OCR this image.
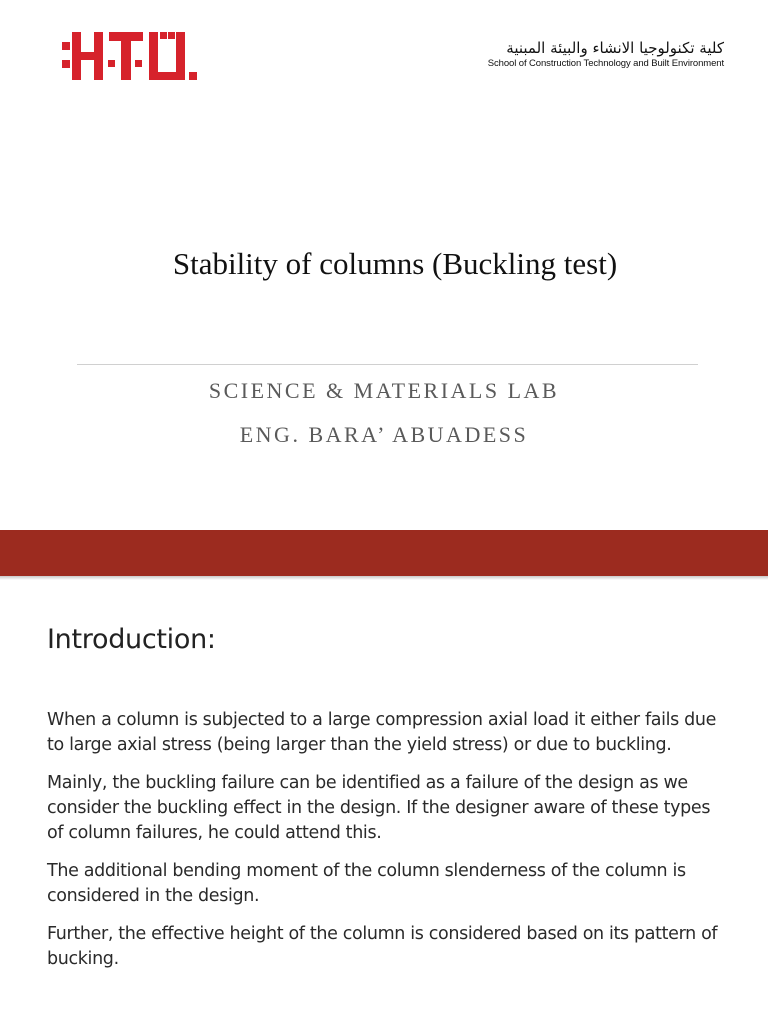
كلية تكنولوجيا الانشاء والبيئة المبنية
School of Construction Technology and Built Environment
Stability of columns (Buckling test)
SCIENCE & MATERIALS LAB
ENG. BARA’ ABUADESS
Introduction:

When a column is subjected to a large compression axial load it either fails due to large axial stress (being larger than the yield stress) or due to buckling.

Mainly, the buckling failure can be identified as a failure of the design as we consider the buckling effect in the design. If the designer aware of these types of column failures, he could attend this.

The additional bending moment of the column slenderness of the column is considered in the design.

Further, the effective height of the column is considered based on its pattern of bucking.
